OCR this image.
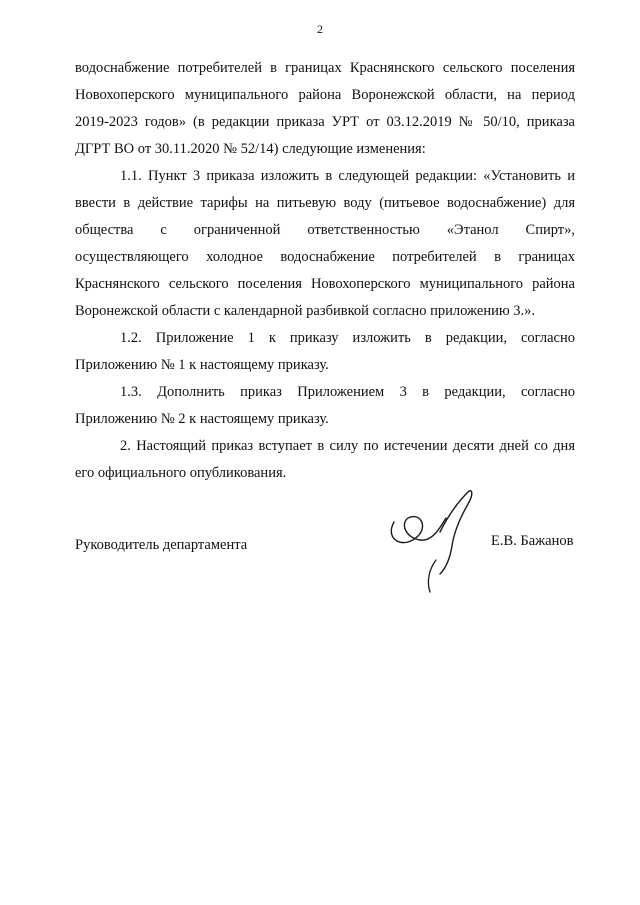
2

водоснабжение потребителей в границах Краснянского сельского поселения
Новохоперского муниципального района Воронежской области, на период
2019-2023 годов» (в редакции приказа УРТ от 03.12.2019 № 50/10, приказа
ДГРТ ВО от 30.11.2020 № 52/14) следующие изменения:

1.1. Пункт 3 приказа изложить в следующей редакции: «Установить и
ввести в действие тарифы на питьевую воду (питьевое водоснабжение) для
общества с ограниченной ответственностью «Этанол Спирт»,
осуществляющего холодное водоснабжение потребителей в границах
Краснянского сельского поселения Новохоперского муниципального района
Воронежской области с календарной разбивкой согласно приложению 3.».

1.2. Приложение 1 к приказу изложить в редакции, согласно
Приложению № 1 к настоящему приказу.

1.3. Дополнить приказ Приложением 3 в редакции, согласно
Приложению № 2 к настоящему приказу.

2. Настоящий приказ вступает в силу по истечении десяти дней со дня
его официального опубликования.

Руководитель департамента	Е.В. Бажанов
